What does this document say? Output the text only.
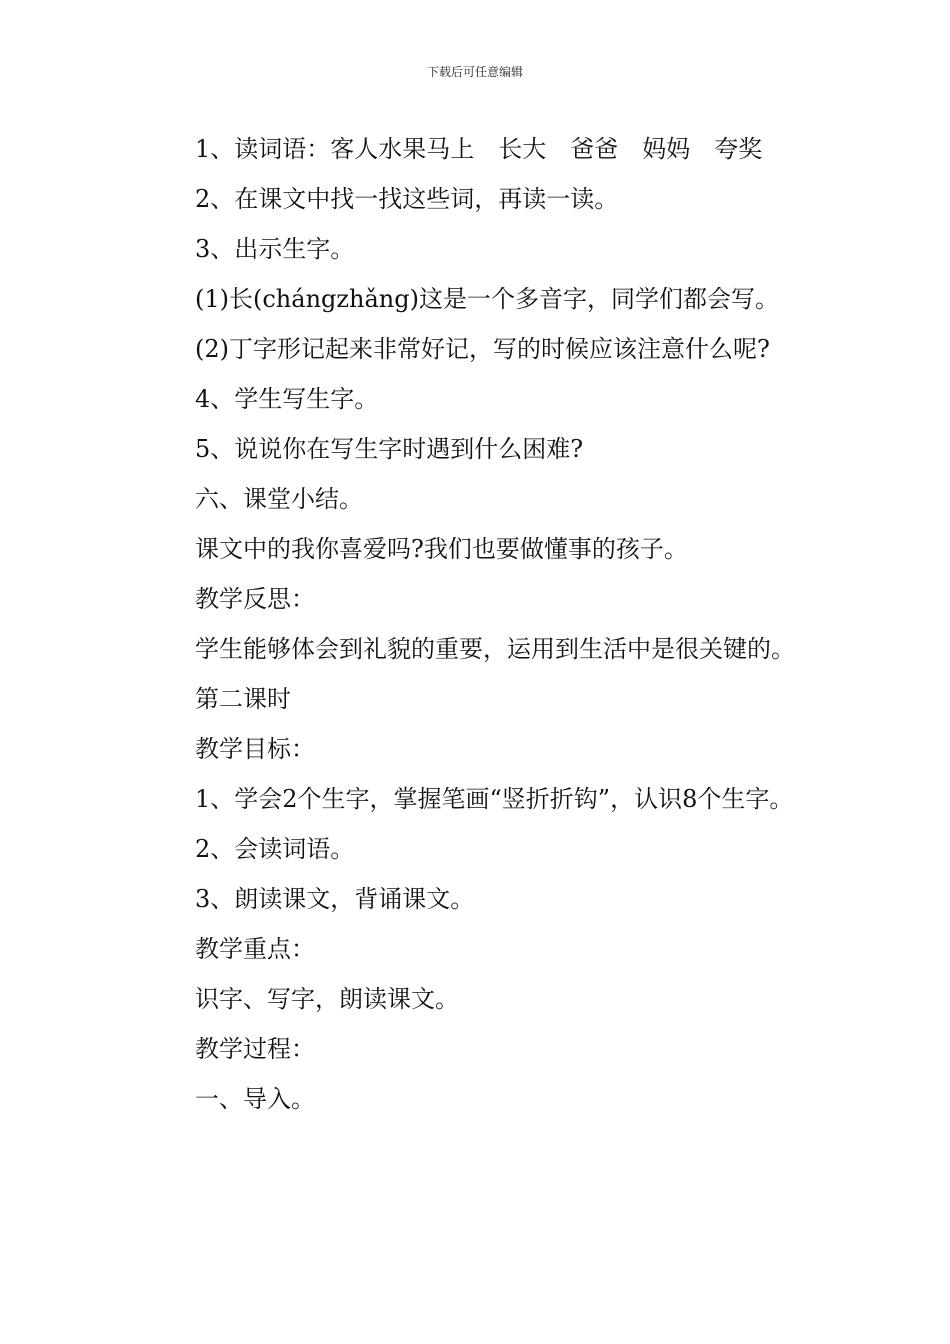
下载后可任意编辑

1、读词语：客人水果马上　长大　爸爸　妈妈　夸奖

2、在课文中找一找这些词，再读一读。

3、出示生字。

(1)长(chángzhǎng)这是一个多音字，同学们都会写。

(2)丁字形记起来非常好记，写的时候应该注意什么呢?

4、学生写生字。

5、说说你在写生字时遇到什么困难?

六、课堂小结。

课文中的我你喜爱吗?我们也要做懂事的孩子。

教学反思：

学生能够体会到礼貌的重要，运用到生活中是很关键的。

第二课时

教学目标：

1、学会2个生字，掌握笔画“竖折折钩”，认识8个生字。

2、会读词语。

3、朗读课文，背诵课文。

教学重点：

识字、写字，朗读课文。

教学过程：

一、导入。
